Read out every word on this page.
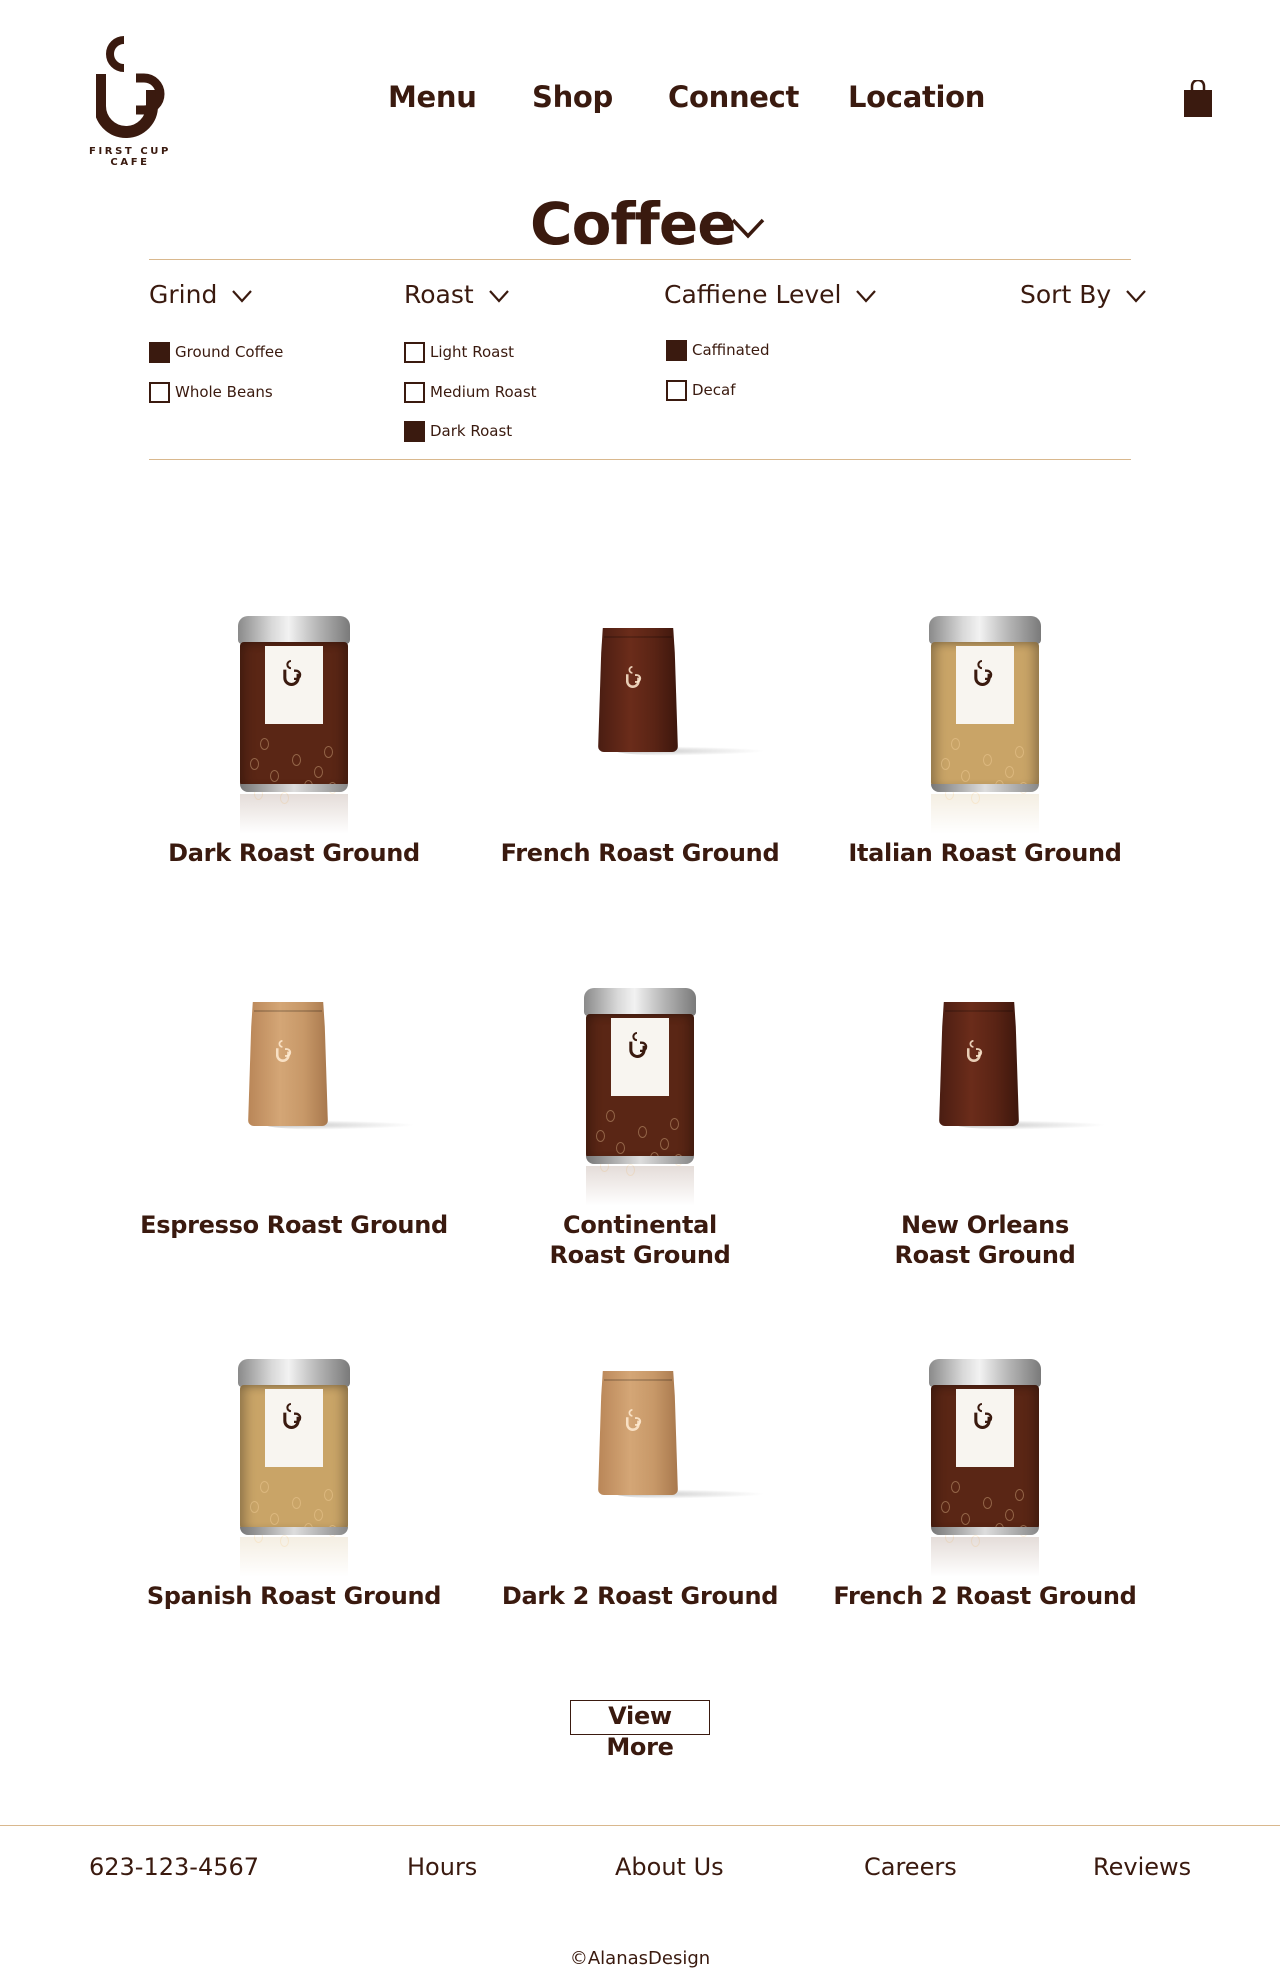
FIRST CUP CAFE
Menu Shop Connect Location
Coffee
Grind	Roast	Caffiene Level	Sort By
Ground Coffee
Whole Beans
Light Roast
Medium Roast
Dark Roast
Caffinated
Decaf
Dark Roast Ground	French Roast Ground	Italian Roast Ground
Espresso Roast Ground	Continental Roast Ground
New Orleans Roast Ground
Spanish Roast Ground	Dark 2 Roast Ground	French 2 Roast Ground
View More
623-123-4567	Hours	About Us	Careers	Reviews
©AlanasDesign
